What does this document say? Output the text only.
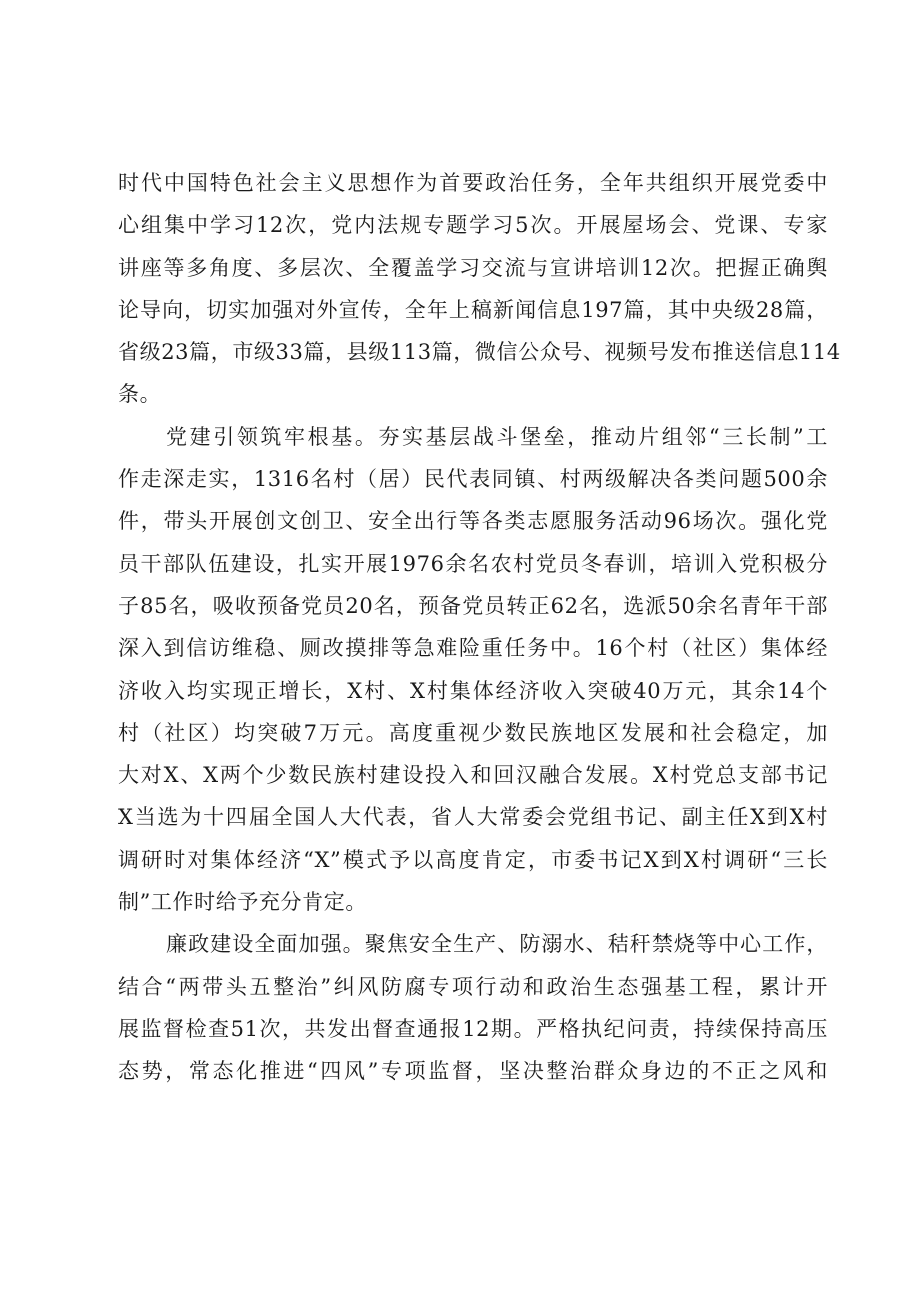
时代中国特色社会主义思想作为首要政治任务，全年共组织开展党委中
心组集中学习12次，党内法规专题学习5次。开展屋场会、党课、专家
讲座等多角度、多层次、全覆盖学习交流与宣讲培训12次。把握正确舆
论导向，切实加强对外宣传，全年上稿新闻信息197篇，其中央级28篇，
省级23篇，市级33篇，县级113篇，微信公众号、视频号发布推送信息114
条。
党建引领筑牢根基。夯实基层战斗堡垒，推动片组邻“三长制”工
作走深走实，1316名村（居）民代表同镇、村两级解决各类问题500余
件，带头开展创文创卫、安全出行等各类志愿服务活动96场次。强化党
员干部队伍建设，扎实开展1976余名农村党员冬春训，培训入党积极分
子85名，吸收预备党员20名，预备党员转正62名，选派50余名青年干部
深入到信访维稳、厕改摸排等急难险重任务中。16个村（社区）集体经
济收入均实现正增长，X村、X村集体经济收入突破40万元，其余14个
村（社区）均突破7万元。高度重视少数民族地区发展和社会稳定，加
大对X、X两个少数民族村建设投入和回汉融合发展。X村党总支部书记
X当选为十四届全国人大代表，省人大常委会党组书记、副主任X到X村
调研时对集体经济“X”模式予以高度肯定，市委书记X到X村调研“三长
制”工作时给予充分肯定。
廉政建设全面加强。聚焦安全生产、防溺水、秸秆禁烧等中心工作，
结合“两带头五整治”纠风防腐专项行动和政治生态强基工程，累计开
展监督检查51次，共发出督查通报12期。严格执纪问责，持续保持高压
态势，常态化推进“四风”专项监督，坚决整治群众身边的不正之风和
